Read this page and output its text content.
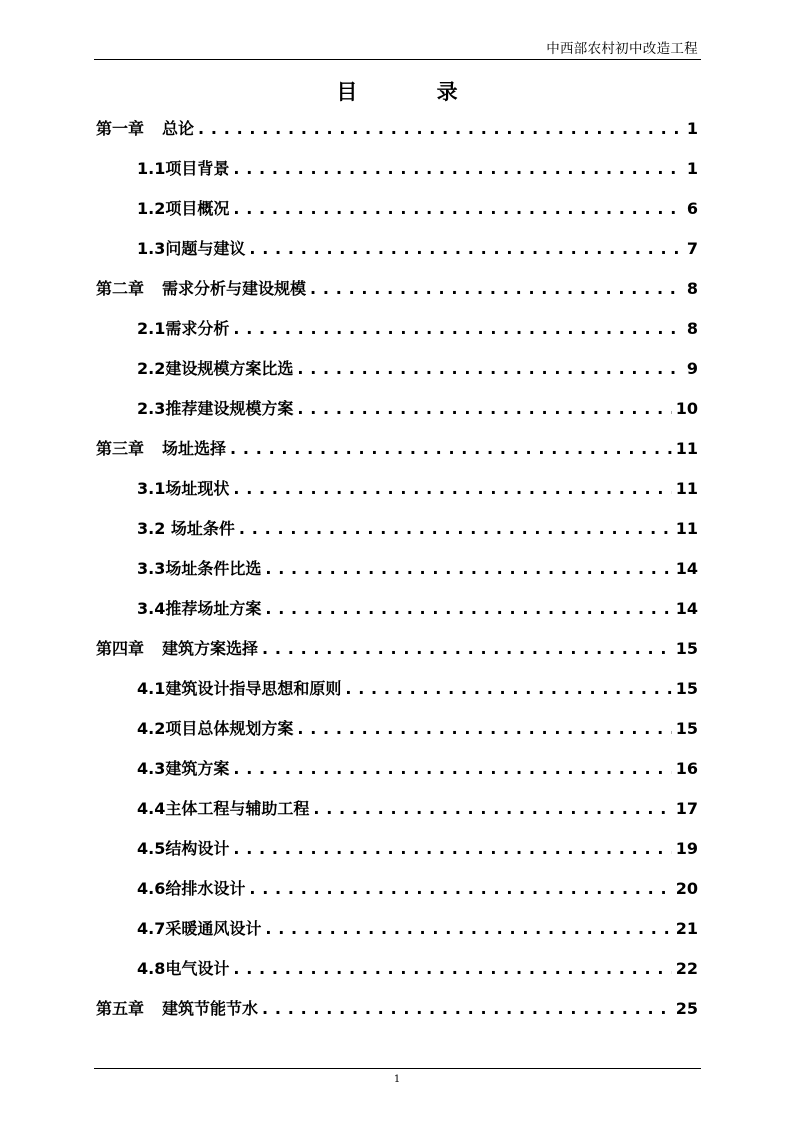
中西部农村初中改造工程
目 录
第一章 总论 . . .	1
1.1项目背景 . . .	1
1.2项目概况 . . .	6
1.3问题与建议 . . .	7
第二章 需求分析与建设规模 . . .	8
2.1需求分析 . . .	8
2.2建设规模方案比选 . . .	9
2.3推荐建设规模方案 . . .	10
第三章 场址选择 . . .	11
3.1场址现状 . . .	11
3.2 场址条件 . . .	11
3.3场址条件比选 . . .	14
3.4推荐场址方案 . . .	14
第四章 建筑方案选择 . . .	15
4.1建筑设计指导思想和原则 . . .	15
4.2项目总体规划方案 . . .	15
4.3建筑方案 . . .	16
4.4主体工程与辅助工程 . . .	17
4.5结构设计 . . .	19
4.6给排水设计 . . .	20
4.7采暖通风设计 . . .	21
4.8电气设计 . . .	22
第五章 建筑节能节水 . . .	25
1
